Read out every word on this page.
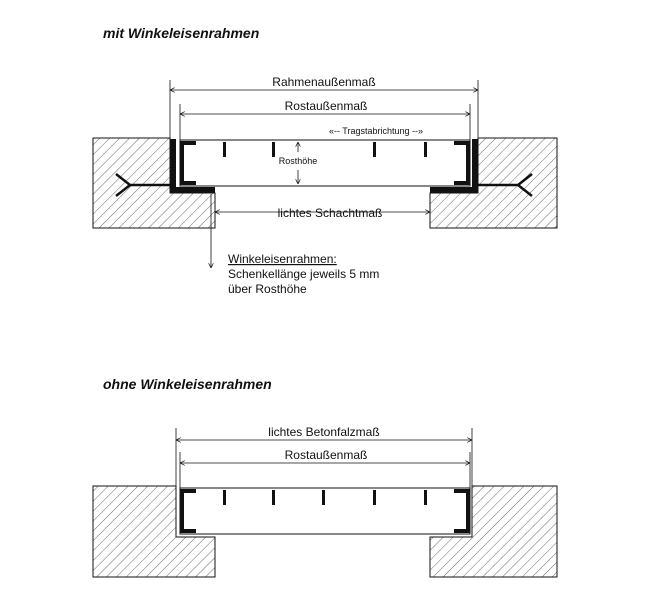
mit Winkeleisenrahmen
Rahmenaußenmaß
Rostaußenmaß
«-- Tragstabrichtung --»
Rosthöhe
lichtes Schachtmaß
Winkeleisenrahmen:
Schenkellänge jeweils 5 mm
über Rosthöhe
ohne Winkeleisenrahmen
lichtes Betonfalzmaß
Rostaußenmaß
